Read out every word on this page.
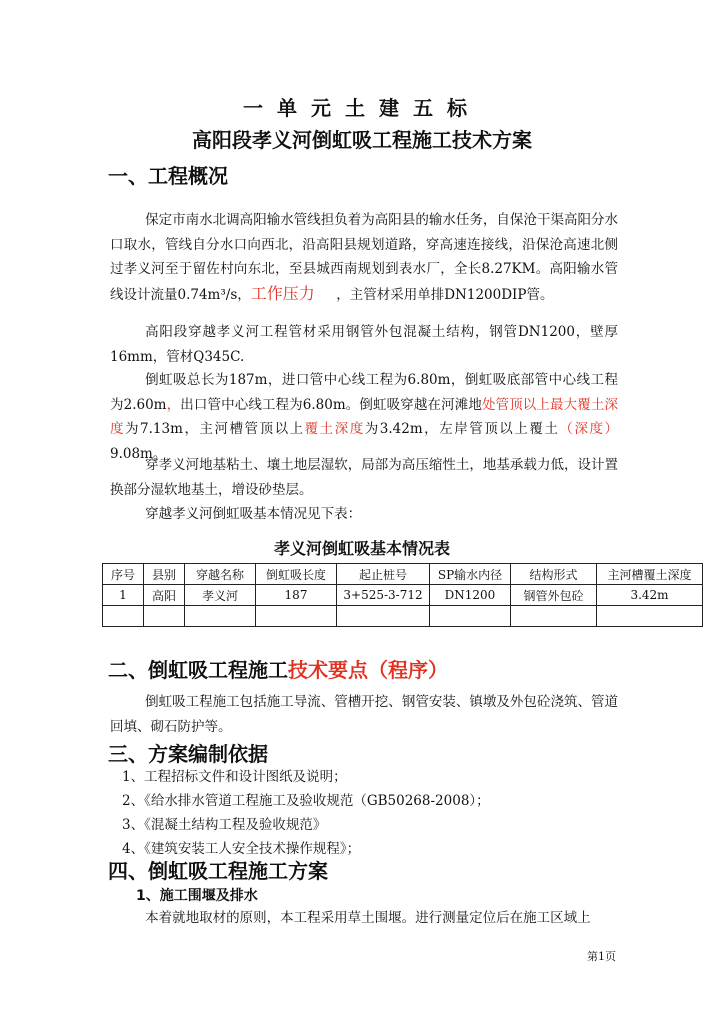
一单元土建五标
高阳段孝义河倒虹吸工程施工技术方案
一、工程概况
保定市南水北调高阳输水管线担负着为高阳县的输水任务，自保沧干渠高阳分水口取水，管线自分水口向西北，沿高阳县规划道路，穿高速连接线，沿保沧高速北侧过孝义河至于留佐村向东北，至县城西南规划到表水厂，全长8.27KM。高阳输水管线设计流量0.74m³/s，工作压力     ，主管材采用单排DN1200DIP管。
高阳段穿越孝义河工程管材采用钢管外包混凝土结构，钢管DN1200，壁厚16mm，管材Q345C.
倒虹吸总长为187m，进口管中心线工程为6.80m，倒虹吸底部管中心线工程为2.60m，出口管中心线工程为6.80m。倒虹吸穿越在河滩地处管顶以上最大覆土深度为7.13m，主河槽管顶以上覆土深度为3.42m，左岸管顶以上覆土（深度）9.08m。
穿孝义河地基粘土、壤土地层湿软，局部为高压缩性土，地基承载力低，设计置换部分湿软地基土，增设砂垫层。
穿越孝义河倒虹吸基本情况见下表：
孝义河倒虹吸基本情况表
序号	县别	穿越名称	倒虹吸长度	起止桩号	SP输水内径	结构形式	主河槽覆土深度
1	高阳	孝义河	187	3+525-3-712	DN1200	钢管外包砼	3.42m

二、倒虹吸工程施工技术要点（程序）
倒虹吸工程施工包括施工导流、管槽开挖、钢管安装、镇墩及外包砼浇筑、管道回填、砌石防护等。
三、方案编制依据
1、工程招标文件和设计图纸及说明；
2、《给水排水管道工程施工及验收规范（GB50268-2008）；
3、《混凝土结构工程及验收规范》
4、《建筑安装工人安全技术操作规程》；
四、倒虹吸工程施工方案
1、施工围堰及排水
本着就地取材的原则，本工程采用草土围堰。进行测量定位后在施工区域上
第1页
